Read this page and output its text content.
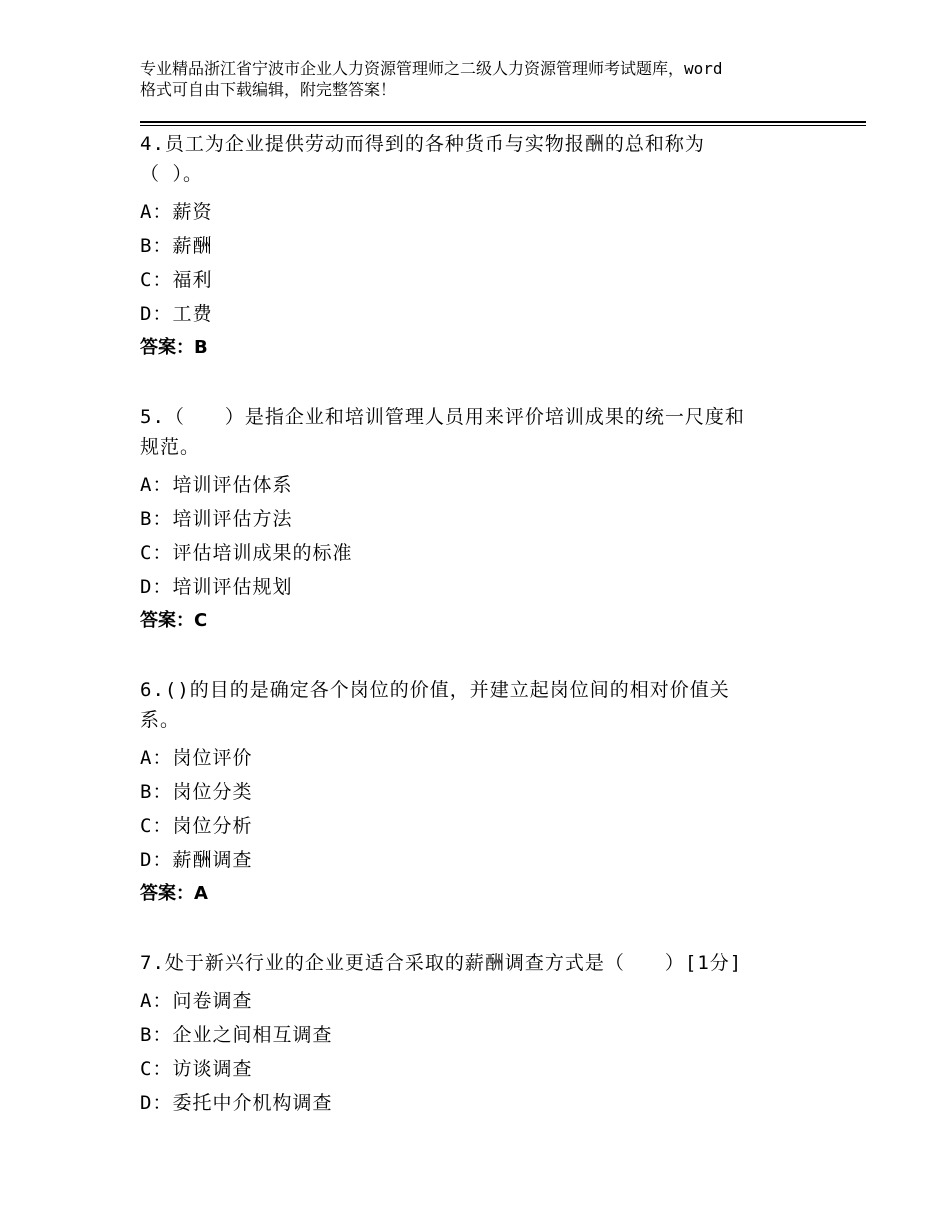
专业精品浙江省宁波市企业人力资源管理师之二级人力资源管理师考试题库，word
格式可自由下载编辑，附完整答案！
4.员工为企业提供劳动而得到的各种货币与实物报酬的总和称为
（ ）。
A：薪资
B：薪酬
C：福利
D：工费
答案：B
5.（　　）是指企业和培训管理人员用来评价培训成果的统一尺度和
规范。
A：培训评估体系
B：培训评估方法
C：评估培训成果的标准
D：培训评估规划
答案：C
6.()的目的是确定各个岗位的价值，并建立起岗位间的相对价值关
系。
A：岗位评价
B：岗位分类
C：岗位分析
D：薪酬调查
答案：A
7.处于新兴行业的企业更适合采取的薪酬调查方式是（　　）[1分]
A：问卷调查
B：企业之间相互调查
C：访谈调查
D：委托中介机构调查
